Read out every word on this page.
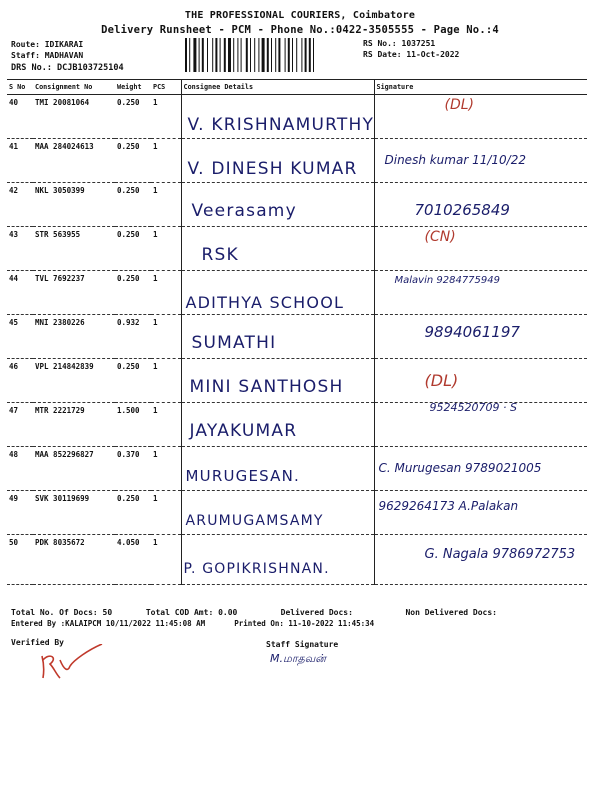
THE PROFESSIONAL COURIERS, Coimbatore
Delivery Runsheet - PCM - Phone No.:0422-3505555 - Page No.:4
Route: IDIKARAI
Staff: MADHAVAN
DRS No.: DCJB103725104
RS No.: 1037251
RS Date: 11-Oct-2022
S No	Consignment No	Weight	PCS	Consignee Details	Signature
40	TMI 20081064	0.250	1	V. KRISHNAMURTHY	(DL)

41	MAA 284024613	0.250	1	V. DINESH KUMAR	Dinesh kumar 11/10/22

42	NKL 3050399	0.250	1	Veerasamy	7010265849

43	STR 563955	0.250	1	RSK	(CN)

44	TVL 7692237	0.250	1	ADITHYA SCHOOL	Malavin 9284775949

45	MNI 2380226	0.932	1	SUMATHI	9894061197

46	VPL 214842839	0.250	1	MINI SANTHOSH	(DL)

47	MTR 2221729	1.500	1	JAYAKUMAR	9524520709 · S

48	MAA 852296827	0.370	1	MURUGESAN.	C. Murugesan 9789021005

49	SVK 30119699	0.250	1	ARUMUGAMSAMY	9629264173 A.Palakan

50	PDK 8035672	4.050	1	P. GOPIKRISHNAN.	G. Nagala 9786972753
Total No. Of Docs: 50	Total COD Amt: 0.00	Delivered Docs:	Non Delivered Docs:
Entered By :KALAIPCM 10/11/2022 11:45:08 AM	Printed On: 11-10-2022 11:45:34
Verified By	Staff Signature
M.மாதவன்
